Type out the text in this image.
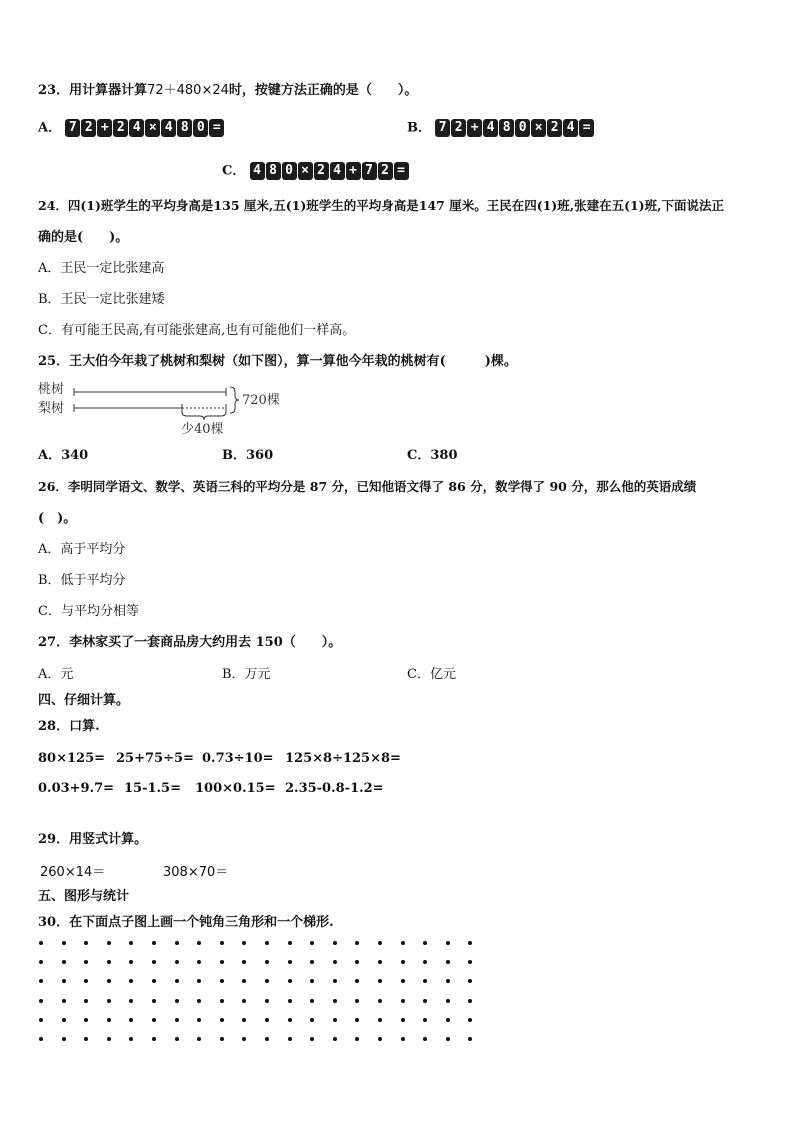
23．用计算器计算72＋480×24时，按键方法正确的是（　　）。
A． 7 2 + 2 4 × 4 8 0 =	B． 7 2 + 4 8 0 × 2 4 =
C． 4 8 0 × 2 4 + 7 2 =
24．四(1)班学生的平均身高是135 厘米,五(1)班学生的平均身高是147 厘米。王民在四(1)班,张建在五(1)班,下面说法正
确的是(　　)。
A．王民一定比张建高
B．王民一定比张建矮
C．有可能王民高,有可能张建高,也有可能他们一样高。
25．王大伯今年栽了桃树和梨树（如下图），算一算他今年栽的桃树有(　　　)棵。
桃树
梨树
720棵
少40棵
A．340	B．360	C．380
26．李明同学语文、数学、英语三科的平均分是 87 分，已知他语文得了 86 分，数学得了 90 分，那么他的英语成绩
(　)。
A．高于平均分
B．低于平均分
C．与平均分相等
27．李林家买了一套商品房大约用去 150（　　）。
A．元	B．万元	C．亿元
四、仔细计算。
28．口算.
80×125= 25+75÷5= 0.73÷10= 125×8÷125×8=
0.03+9.7= 15-1.5= 100×0.15= 2.35-0.8-1.2=
29．用竖式计算。
260×14＝	308×70＝
五、图形与统计
30．在下面点子图上画一个钝角三角形和一个梯形.
